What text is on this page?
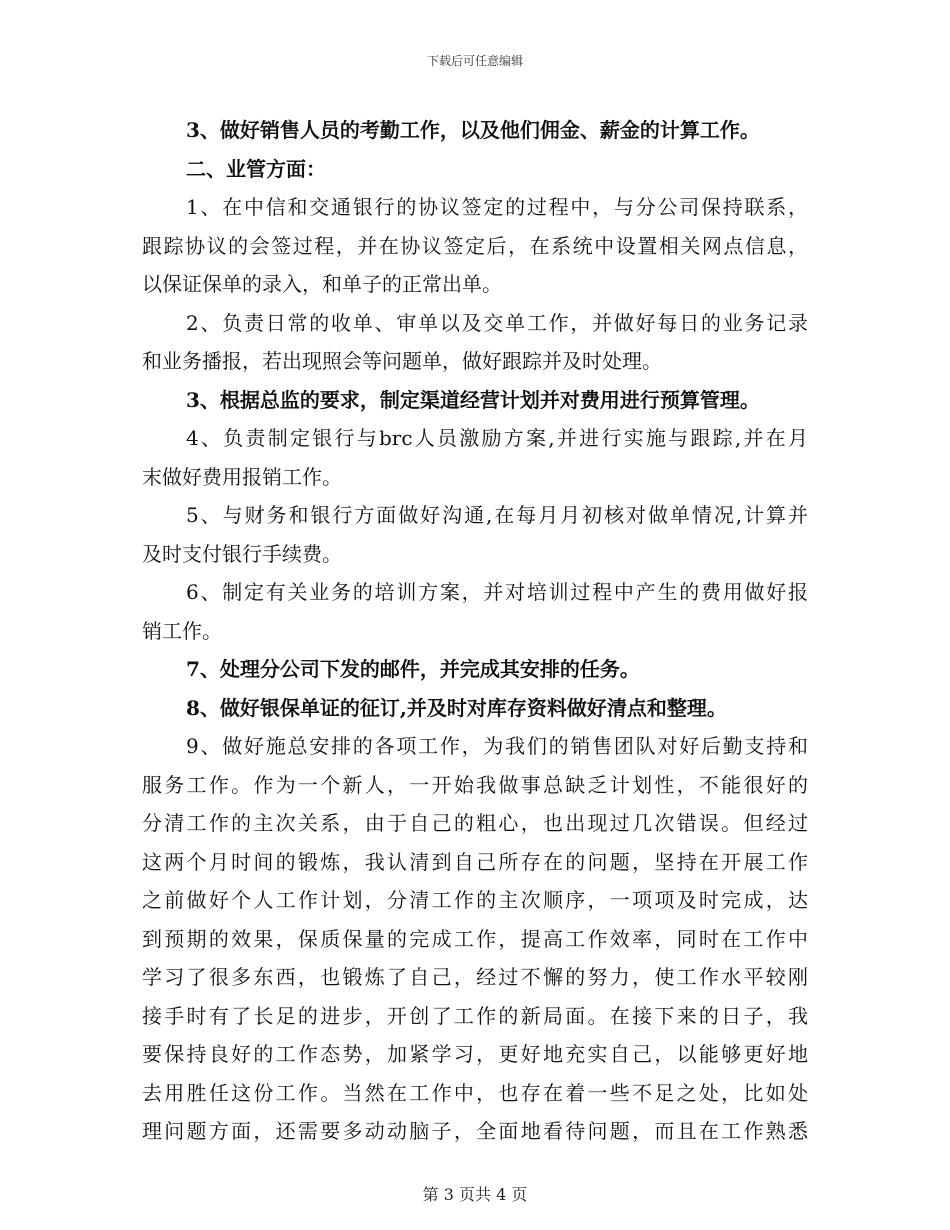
下载后可任意编辑
3、做好销售人员的考勤工作，以及他们佣金、薪金的计算工作。
二、业管方面：
1、在中信和交通银行的协议签定的过程中，与分公司保持联系，
跟踪协议的会签过程，并在协议签定后，在系统中设置相关网点信息，
以保证保单的录入，和单子的正常出单。
2、负责日常的收单、审单以及交单工作，并做好每日的业务记录
和业务播报，若出现照会等问题单，做好跟踪并及时处理。
3、根据总监的要求，制定渠道经营计划并对费用进行预算管理。
4、负责制定银行与brc人员激励方案,并进行实施与跟踪,并在月
末做好费用报销工作。
5、与财务和银行方面做好沟通,在每月月初核对做单情况,计算并
及时支付银行手续费。
6、制定有关业务的培训方案，并对培训过程中产生的费用做好报
销工作。
7、处理分公司下发的邮件，并完成其安排的任务。
8、做好银保单证的征订,并及时对库存资料做好清点和整理。
9、做好施总安排的各项工作，为我们的销售团队对好后勤支持和
服务工作。作为一个新人，一开始我做事总缺乏计划性，不能很好的
分清工作的主次关系，由于自己的粗心，也出现过几次错误。但经过
这两个月时间的锻炼，我认清到自己所存在的问题，坚持在开展工作
之前做好个人工作计划，分清工作的主次顺序，一项项及时完成，达
到预期的效果，保质保量的完成工作，提高工作效率，同时在工作中
学习了很多东西，也锻炼了自己，经过不懈的努力，使工作水平较刚
接手时有了长足的进步，开创了工作的新局面。在接下来的日子，我
要保持良好的工作态势，加紧学习，更好地充实自己，以能够更好地
去用胜任这份工作。当然在工作中，也存在着一些不足之处，比如处
理问题方面，还需要多动动脑子，全面地看待问题，而且在工作熟悉
第 3 页共 4 页
